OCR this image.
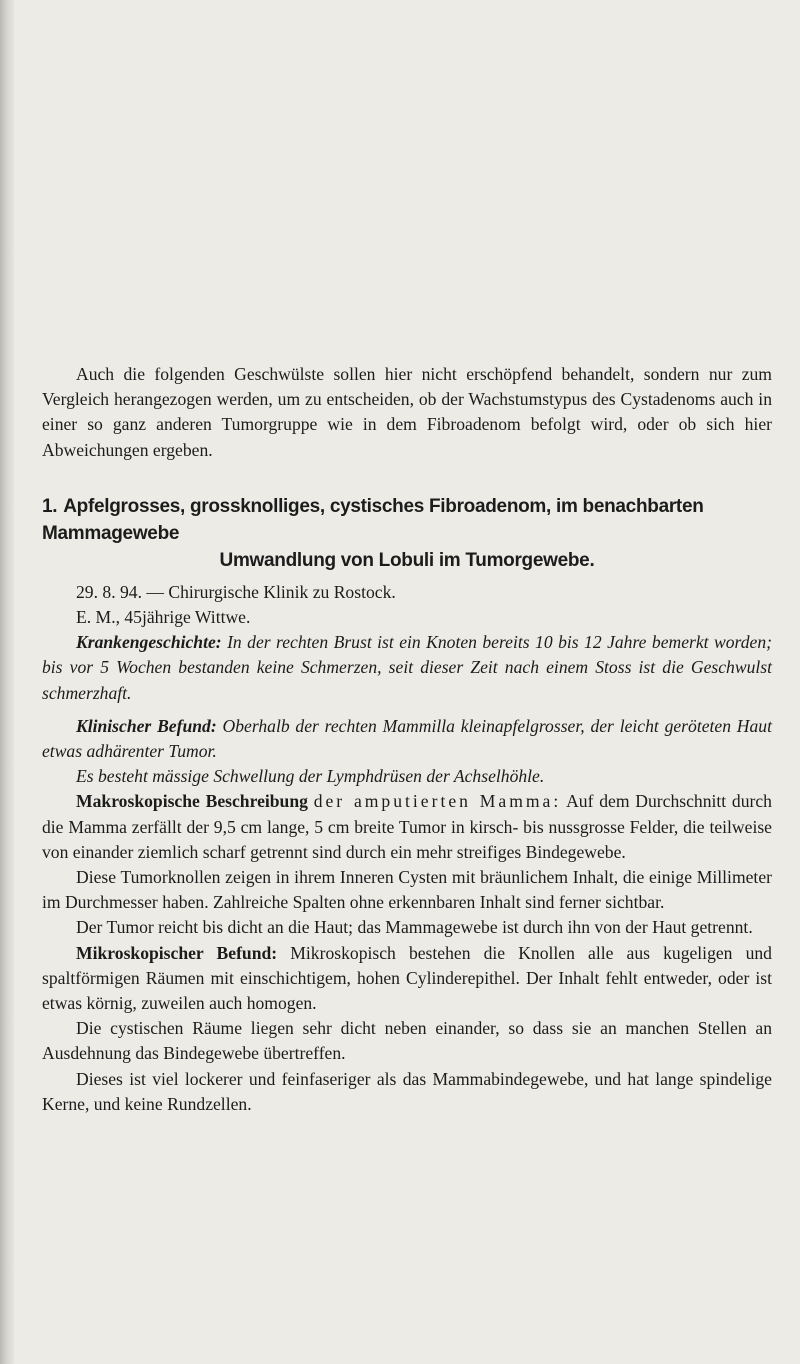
Auch die folgenden Geschwülste sollen hier nicht erschöpfend behandelt, sondern nur zum Vergleich herangezogen werden, um zu entscheiden, ob der Wachstumstypus des Cystadenoms auch in einer so ganz anderen Tumorgruppe wie in dem Fibroadenom befolgt wird, oder ob sich hier Abweichungen ergeben.

1. Apfelgrosses, grossknolliges, cystisches Fibroadenom, im benachbarten Mammagewebe
Umwandlung von Lobuli im Tumorgewebe.

29. 8. 94. — Chirurgische Klinik zu Rostock.

E. M., 45jährige Wittwe.

Krankengeschichte: In der rechten Brust ist ein Knoten bereits 10 bis 12 Jahre bemerkt worden; bis vor 5 Wochen bestanden keine Schmerzen, seit dieser Zeit nach einem Stoss ist die Geschwulst schmerzhaft.

Klinischer Befund: Oberhalb der rechten Mammilla kleinapfelgrosser, der leicht geröteten Haut etwas adhärenter Tumor.

Es besteht mässige Schwellung der Lymphdrüsen der Achselhöhle.

Makroskopische Beschreibung der amputierten Mamma: Auf dem Durchschnitt durch die Mamma zerfällt der 9,5 cm lange, 5 cm breite Tumor in kirsch- bis nussgrosse Felder, die teilweise von einander ziemlich scharf getrennt sind durch ein mehr streifiges Bindegewebe.

Diese Tumorknollen zeigen in ihrem Inneren Cysten mit bräunlichem Inhalt, die einige Millimeter im Durchmesser haben. Zahlreiche Spalten ohne erkennbaren Inhalt sind ferner sichtbar.

Der Tumor reicht bis dicht an die Haut; das Mammagewebe ist durch ihn von der Haut getrennt.

Mikroskopischer Befund: Mikroskopisch bestehen die Knollen alle aus kugeligen und spaltförmigen Räumen mit einschichtigem, hohen Cylinderepithel. Der Inhalt fehlt entweder, oder ist etwas körnig, zuweilen auch homogen.

Die cystischen Räume liegen sehr dicht neben einander, so dass sie an manchen Stellen an Ausdehnung das Bindegewebe übertreffen.

Dieses ist viel lockerer und feinfaseriger als das Mammabindegewebe, und hat lange spindelige Kerne, und keine Rundzellen.
